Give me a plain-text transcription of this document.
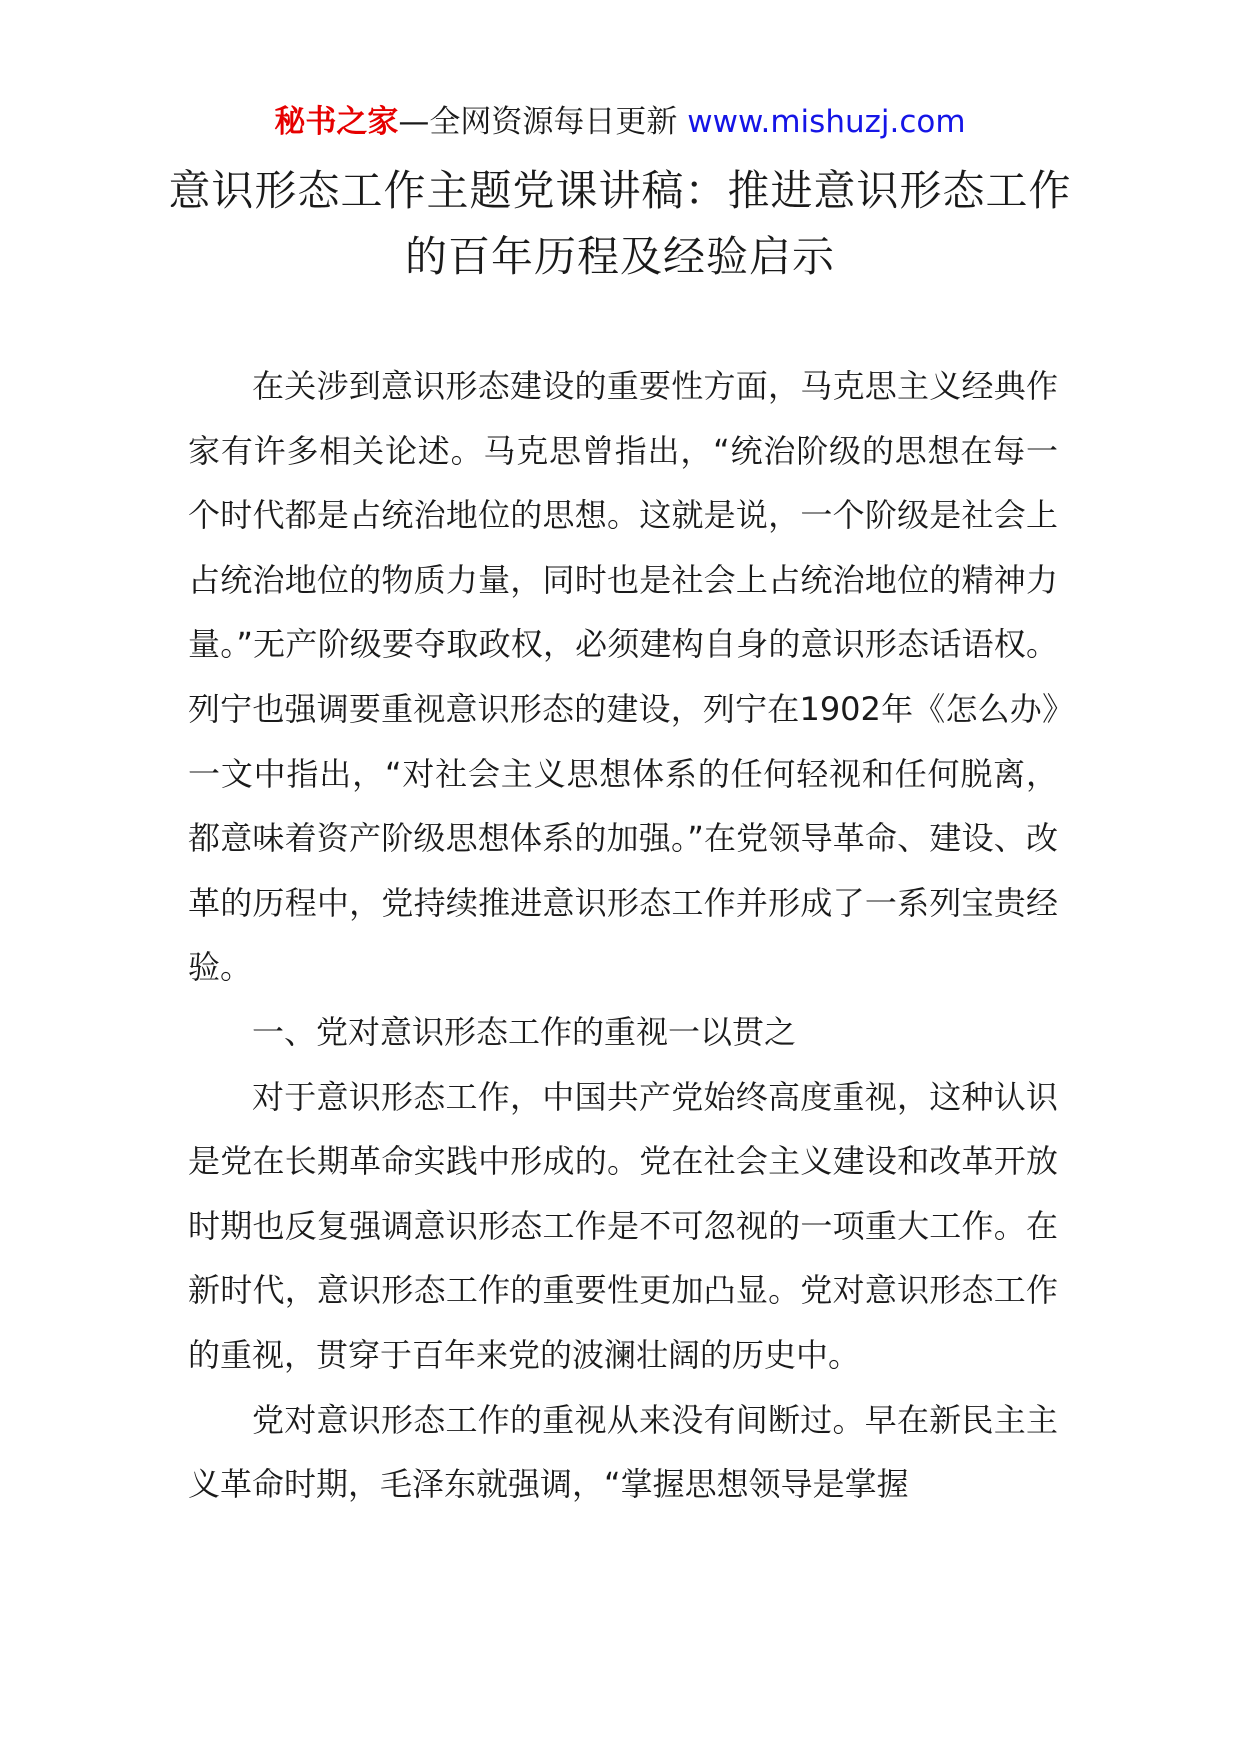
秘书之家—全网资源每日更新 www.mishuzj.com
意识形态工作主题党课讲稿：推进意识形态工作的百年历程及经验启示

在关涉到意识形态建设的重要性方面，马克思主义经典作家有许多相关论述。马克思曾指出，“统治阶级的思想在每一个时代都是占统治地位的思想。这就是说，一个阶级是社会上占统治地位的物质力量，同时也是社会上占统治地位的精神力量。”无产阶级要夺取政权，必须建构自身的意识形态话语权。列宁也强调要重视意识形态的建设，列宁在1902年《怎么办》一文中指出，“对社会主义思想体系的任何轻视和任何脱离，都意味着资产阶级思想体系的加强。”在党领导革命、建设、改革的历程中，党持续推进意识形态工作并形成了一系列宝贵经验。

一、党对意识形态工作的重视一以贯之

对于意识形态工作，中国共产党始终高度重视，这种认识是党在长期革命实践中形成的。党在社会主义建设和改革开放时期也反复强调意识形态工作是不可忽视的一项重大工作。在新时代，意识形态工作的重要性更加凸显。党对意识形态工作的重视，贯穿于百年来党的波澜壮阔的历史中。

党对意识形态工作的重视从来没有间断过。早在新民主主义革命时期，毛泽东就强调，“掌握思想领导是掌握
